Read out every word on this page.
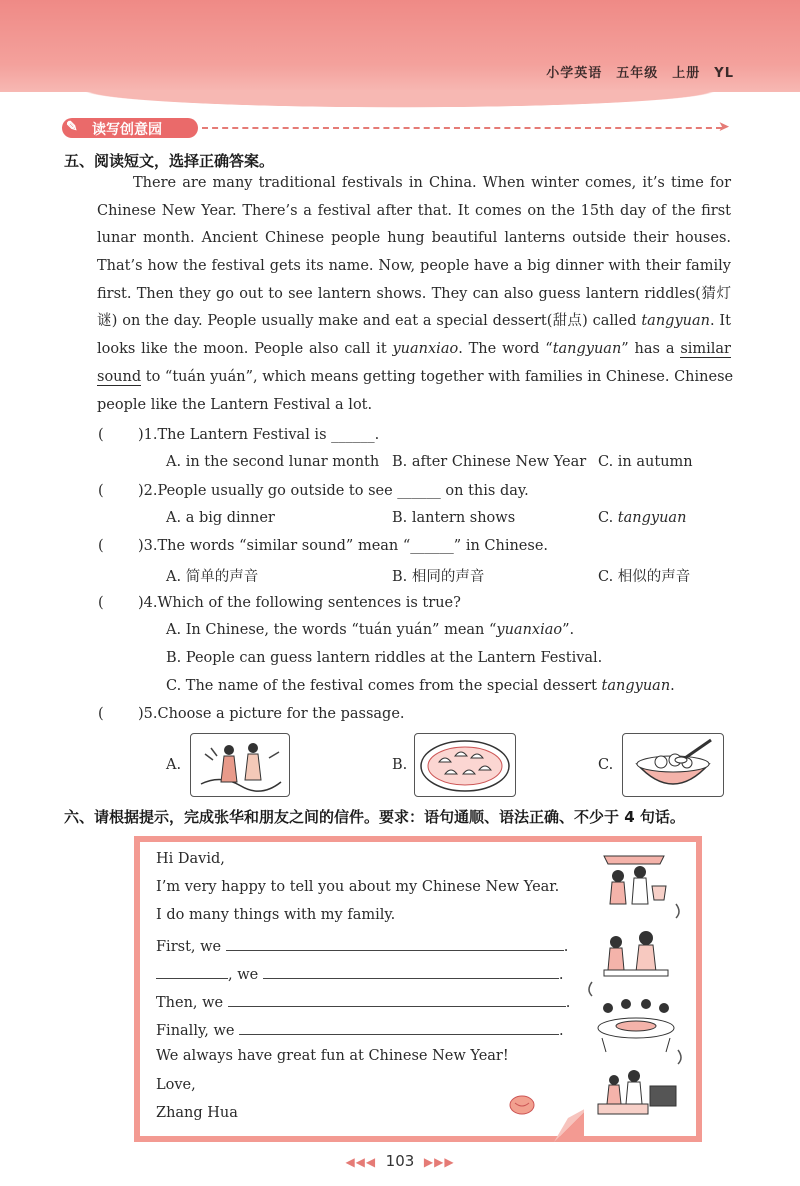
小学英语 五年级 上册 YL
✎ 读写创意园	➤
五、阅读短文，选择正确答案。
There are many traditional festivals in China. When winter comes, it’s time for
Chinese New Year. There’s a festival after that. It comes on the 15th day of the first
lunar month. Ancient Chinese people hung beautiful lanterns outside their houses.
That’s how the festival gets its name. Now, people have a big dinner with their family
first. Then they go out to see lantern shows. They can also guess lantern riddles(猜灯
谜) on the day. People usually make and eat a special dessert(甜点) called tangyuan. It
looks like the moon. People also call it yuanxiao. The word “tangyuan” has a similar
sound to “tuán yuán”, which means getting together with families in Chinese. Chinese
people like the Lantern Festival a lot.
( )1.The Lantern Festival is ______.
A. in the second lunar month B. after Chinese New Year C. in autumn
( )2.People usually go outside to see ______ on this day.
A. a big dinner	B. lantern shows	C. tangyuan
( )3.The words “similar sound” mean “______” in Chinese.
A. 简单的声音	B. 相同的声音	C. 相似的声音
( )4.Which of the following sentences is true?
A. In Chinese, the words “tuán yuán” mean “yuanxiao”.
B. People can guess lantern riddles at the Lantern Festival.
C. The name of the festival comes from the special dessert tangyuan.
( )5.Choose a picture for the passage.
A.	B.	C.
六、请根据提示，完成张华和朋友之间的信件。要求：语句通顺、语法正确、不少于 4 句话。
Hi David,
I’m very happy to tell you about my Chinese New Year.
I do many things with my family.
First, we	.
, we	.
Then, we	.
Finally, we	.
We always have great fun at Chinese New Year!
Love,
Zhang Hua
◀◀◀ 103 ▶▶▶
